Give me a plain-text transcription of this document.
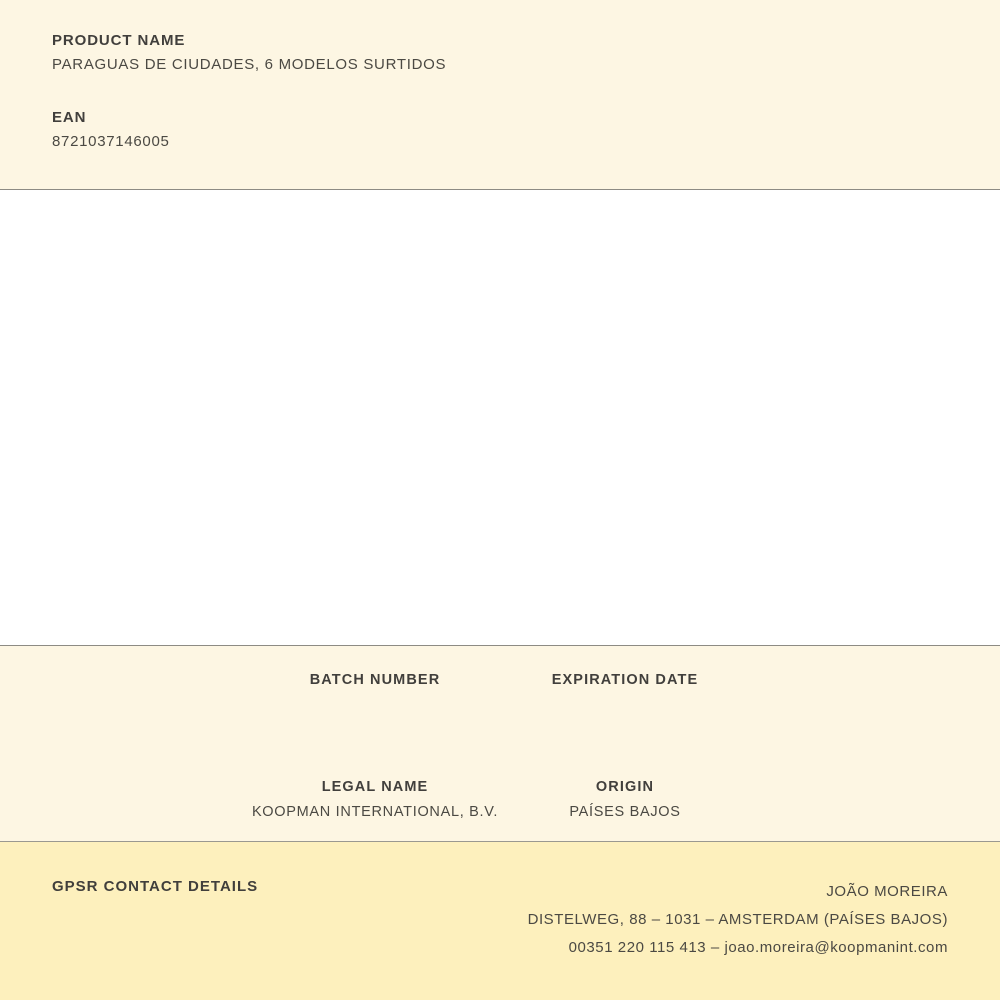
PRODUCT NAME
PARAGUAS DE CIUDADES, 6 MODELOS SURTIDOS
EAN
8721037146005
BATCH NUMBER	EXPIRATION DATE
LEGAL NAME
KOOPMAN INTERNATIONAL, B.V.
ORIGIN
PAÍSES BAJOS
GPSR CONTACT DETAILS	JOÃO MOREIRA
DISTELWEG, 88 – 1031 – AMSTERDAM (PAÍSES BAJOS)
00351 220 115 413 – joao.moreira@koopmanint.com
